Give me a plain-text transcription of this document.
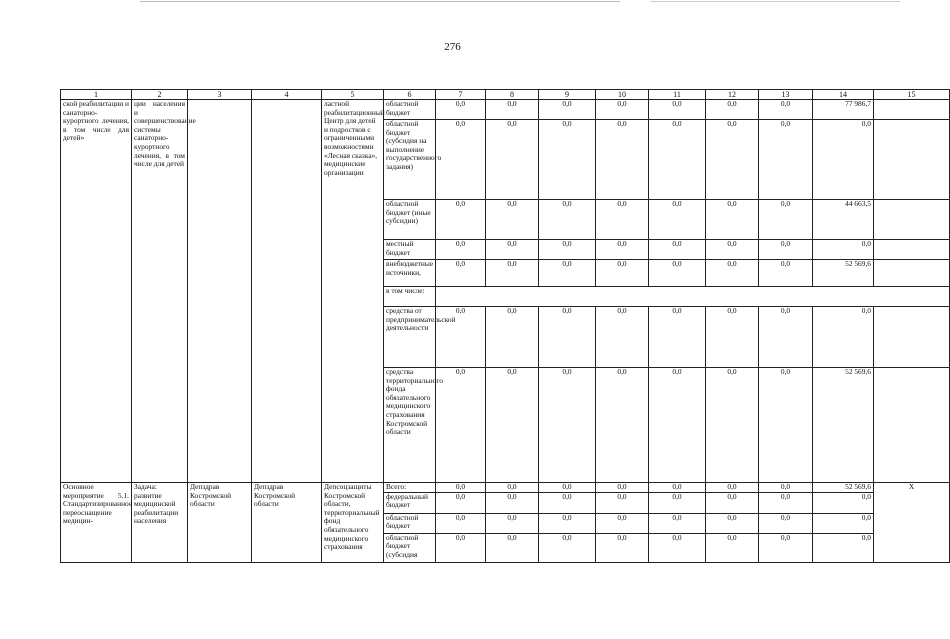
276
1	2	3	4	5	6	7	8	9	10	11	12	13	14	15
ской реабилитации и санаторно-курортного лечения, в том числе для детей»	ции населения и совершенствование системы санаторно-курортного лечения, в том числе для детей			ластной реабилитационный Центр для детей и подростков с ограниченными возможностями «Лесная сказка», медицинские организации	областной бюджет	0,0	0,0	0,0	0,0	0,0	0,0	0,0	77 986,7	
					областной бюджет (субсидия на выполнение государственного задания)	0,0	0,0	0,0	0,0	0,0	0,0	0,0	0,0	
					областной бюджет (иные субсидии)	0,0	0,0	0,0	0,0	0,0	0,0	0,0	44 663,5	
					местный бюджет	0,0	0,0	0,0	0,0	0,0	0,0	0,0	0,0	
					внебюджетные источники,	0,0	0,0	0,0	0,0	0,0	0,0	0,0	52 569,6	
					в том числе:									
					средства от предпринимательской деятельности	0,0	0,0	0,0	0,0	0,0	0,0	0,0	0,0	
					средства территориального фонда обязательного медицинского страхования Костромской области	0,0	0,0	0,0	0,0	0,0	0,0	0,0	52 569,6	
Основное мероприятие 5.1. Стандартизированное переоснащение медицин-	Задача: развитие медицинской реабилитации населения	Депздрав Костромской области	Депздрав Костромской области	Депсоцзащиты Костромской области, территориальный фонд обязательного медицинского страхования	Всего:	0,0	0,0	0,0	0,0	0,0	0,0	0,0	52 569,6	Х
					федеральный бюджет	0,0	0,0	0,0	0,0	0,0	0,0	0,0	0,0	
					областной бюджет	0,0	0,0	0,0	0,0	0,0	0,0	0,0	0,0	
					областной бюджет (субсидия	0,0	0,0	0,0	0,0	0,0	0,0	0,0	0,0	
